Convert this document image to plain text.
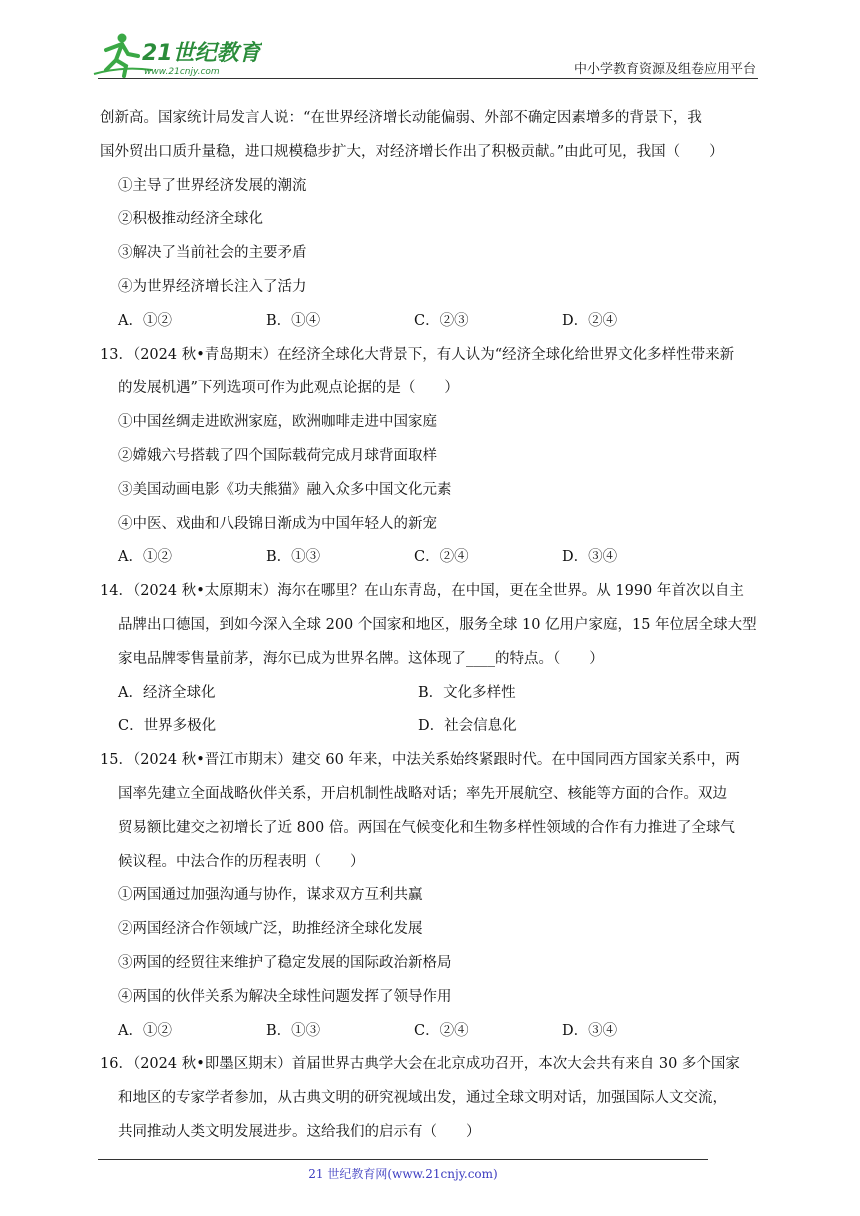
21世纪教育
www.21cnjy.com	中小学教育资源及组卷应用平台

创新高。国家统计局发言人说：“在世界经济增长动能偏弱、外部不确定因素增多的背景下，我

国外贸出口质升量稳，进口规模稳步扩大，对经济增长作出了积极贡献。”由此可见，我国（　　）

①主导了世界经济发展的潮流

②积极推动经济全球化

③解决了当前社会的主要矛盾

④为世界经济增长注入了活力

A．①②	B．①④	C．②③	D．②④

13．（2024 秋•青岛期末）在经济全球化大背景下，有人认为“经济全球化给世界文化多样性带来新

的发展机遇”下列选项可作为此观点论据的是（　　）

①中国丝绸走进欧洲家庭，欧洲咖啡走进中国家庭

②嫦娥六号搭载了四个国际载荷完成月球背面取样

③美国动画电影《功夫熊猫》融入众多中国文化元素

④中医、戏曲和八段锦日渐成为中国年轻人的新宠

A．①②	B．①③	C．②④	D．③④

14．（2024 秋•太原期末）海尔在哪里？在山东青岛，在中国，更在全世界。从 1990 年首次以自主

品牌出口德国，到如今深入全球 200 个国家和地区，服务全球 10 亿用户家庭，15 年位居全球大型

家电品牌零售量前茅，海尔已成为世界名牌。这体现了____的特点。（　　）

A．经济全球化	B．文化多样性
C．世界多极化	D．社会信息化

15．（2024 秋•晋江市期末）建交 60 年来，中法关系始终紧跟时代。在中国同西方国家关系中，两

国率先建立全面战略伙伴关系，开启机制性战略对话；率先开展航空、核能等方面的合作。双边

贸易额比建交之初增长了近 800 倍。两国在气候变化和生物多样性领域的合作有力推进了全球气

候议程。中法合作的历程表明（　　）

①两国通过加强沟通与协作，谋求双方互利共赢

②两国经济合作领域广泛，助推经济全球化发展

③两国的经贸往来维护了稳定发展的国际政治新格局

④两国的伙伴关系为解决全球性问题发挥了领导作用

A．①②	B．①③	C．②④	D．③④

16．（2024 秋•即墨区期末）首届世界古典学大会在北京成功召开，本次大会共有来自 30 多个国家

和地区的专家学者参加，从古典文明的研究视域出发，通过全球文明对话，加强国际人文交流，

共同推动人类文明发展进步。这给我们的启示有（　　）

21 世纪教育网(www.21cnjy.com)
